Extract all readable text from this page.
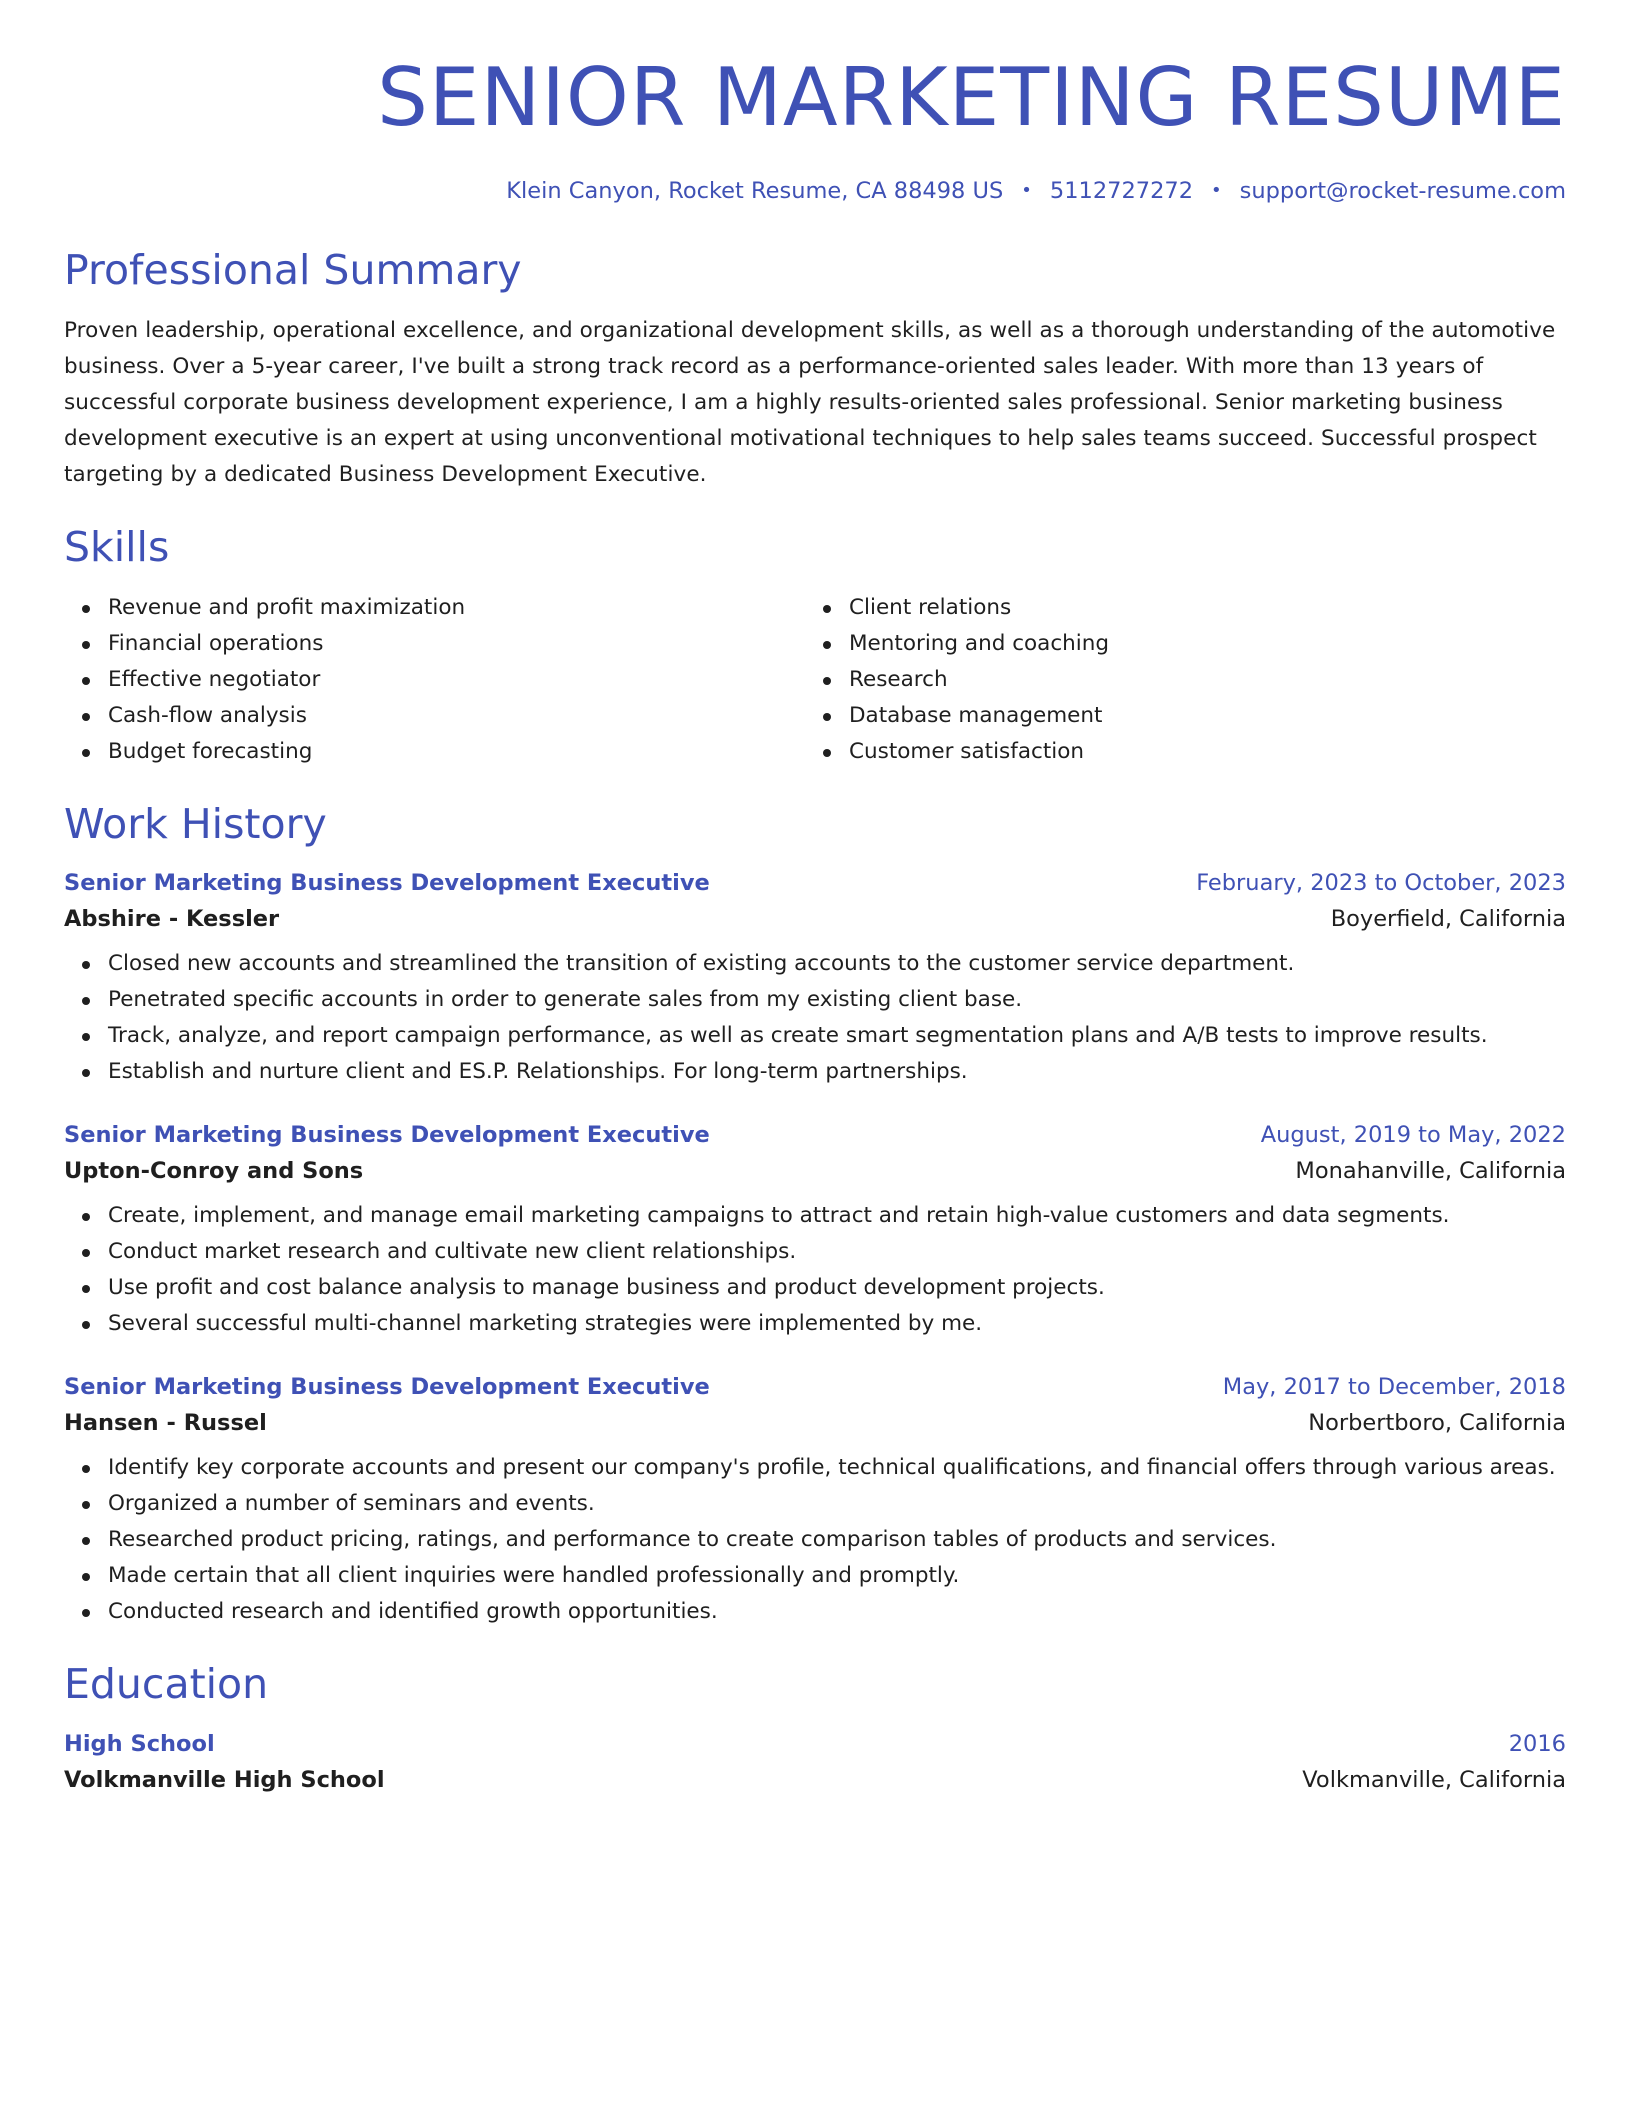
SENIOR MARKETING RESUME
Klein Canyon, Rocket Resume, CA 88498 US • 5112727272 • support@rocket-resume.com
Professional Summary
Proven leadership, operational excellence, and organizational development skills, as well as a thorough understanding of the automotive business. Over a 5-year career, I've built a strong track record as a performance-oriented sales leader. With more than 13 years of successful corporate business development experience, I am a highly results-oriented sales professional. Senior marketing business development executive is an expert at using unconventional motivational techniques to help sales teams succeed. Successful prospect targeting by a dedicated Business Development Executive.
Skills
Revenue and profit maximization
Financial operations
Effective negotiator
Cash-flow analysis
Budget forecasting
Client relations
Mentoring and coaching
Research
Database management
Customer satisfaction
Work History
Senior Marketing Business Development Executive	February, 2023 to October, 2023
Abshire - Kessler	Boyerfield, California
Closed new accounts and streamlined the transition of existing accounts to the customer service department.
Penetrated specific accounts in order to generate sales from my existing client base.
Track, analyze, and report campaign performance, as well as create smart segmentation plans and A/B tests to improve results.
Establish and nurture client and ES.P. Relationships. For long-term partnerships.
Senior Marketing Business Development Executive	August, 2019 to May, 2022
Upton-Conroy and Sons	Monahanville, California
Create, implement, and manage email marketing campaigns to attract and retain high-value customers and data segments.
Conduct market research and cultivate new client relationships.
Use profit and cost balance analysis to manage business and product development projects.
Several successful multi-channel marketing strategies were implemented by me.
Senior Marketing Business Development Executive	May, 2017 to December, 2018
Hansen - Russel	Norbertboro, California
Identify key corporate accounts and present our company's profile, technical qualifications, and financial offers through various areas.
Organized a number of seminars and events.
Researched product pricing, ratings, and performance to create comparison tables of products and services.
Made certain that all client inquiries were handled professionally and promptly.
Conducted research and identified growth opportunities.
Education
High School	2016
Volkmanville High School	Volkmanville, California
